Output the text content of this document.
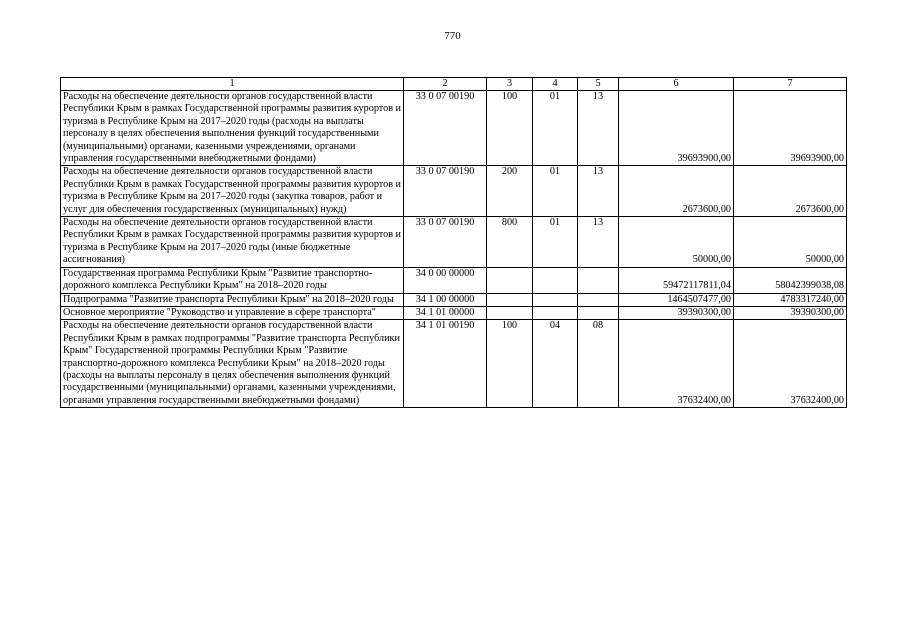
770
1	2	3	4	5	6	7
Расходы на обеспечение деятельности органов государственной власти Республики Крым в рамках Государственной программы развития курортов и туризма в Республике Крым на 2017–2020 годы (расходы на выплаты персоналу в целях обеспечения выполнения функций государственными (муниципальными) органами, казенными учреждениями, органами управления государственными внебюджетными фондами)	33 0 07 00190	100	01	13	39693900,00	39693900,00
Расходы на обеспечение деятельности органов государственной власти Республики Крым в рамках Государственной программы развития курортов и туризма в Республике Крым на 2017–2020 годы (закупка товаров, работ и услуг для обеспечения государственных (муниципальных) нужд)	33 0 07 00190	200	01	13	2673600,00	2673600,00
Расходы на обеспечение деятельности органов государственной власти Республики Крым в рамках Государственной программы развития курортов и туризма в Республике Крым на 2017–2020 годы (иные бюджетные ассигнования)	33 0 07 00190	800	01	13	50000,00	50000,00
Государственная программа Республики Крым "Развитие транспортно-дорожного комплекса Республики Крым" на 2018–2020 годы	34 0 00 00000				59472117811,04	58042399038,08
Подпрограмма "Развитие транспорта Республики Крым" на 2018–2020 годы	34 1 00 00000				1464507477,00	4783317240,00
Основное мероприятие "Руководство и управление в сфере транспорта"	34 1 01 00000				39390300,00	39390300,00
Расходы на обеспечение деятельности органов государственной власти Республики Крым в рамках подпрограммы "Развитие транспорта Республики Крым" Государственной программы Республики Крым "Развитие транспортно-дорожного комплекса Республики Крым" на 2018–2020 годы (расходы на выплаты персоналу в целях обеспечения выполнения функций государственными (муниципальными) органами, казенными учреждениями, органами управления государственными внебюджетными фондами)	34 1 01 00190	100	04	08	37632400,00	37632400,00
